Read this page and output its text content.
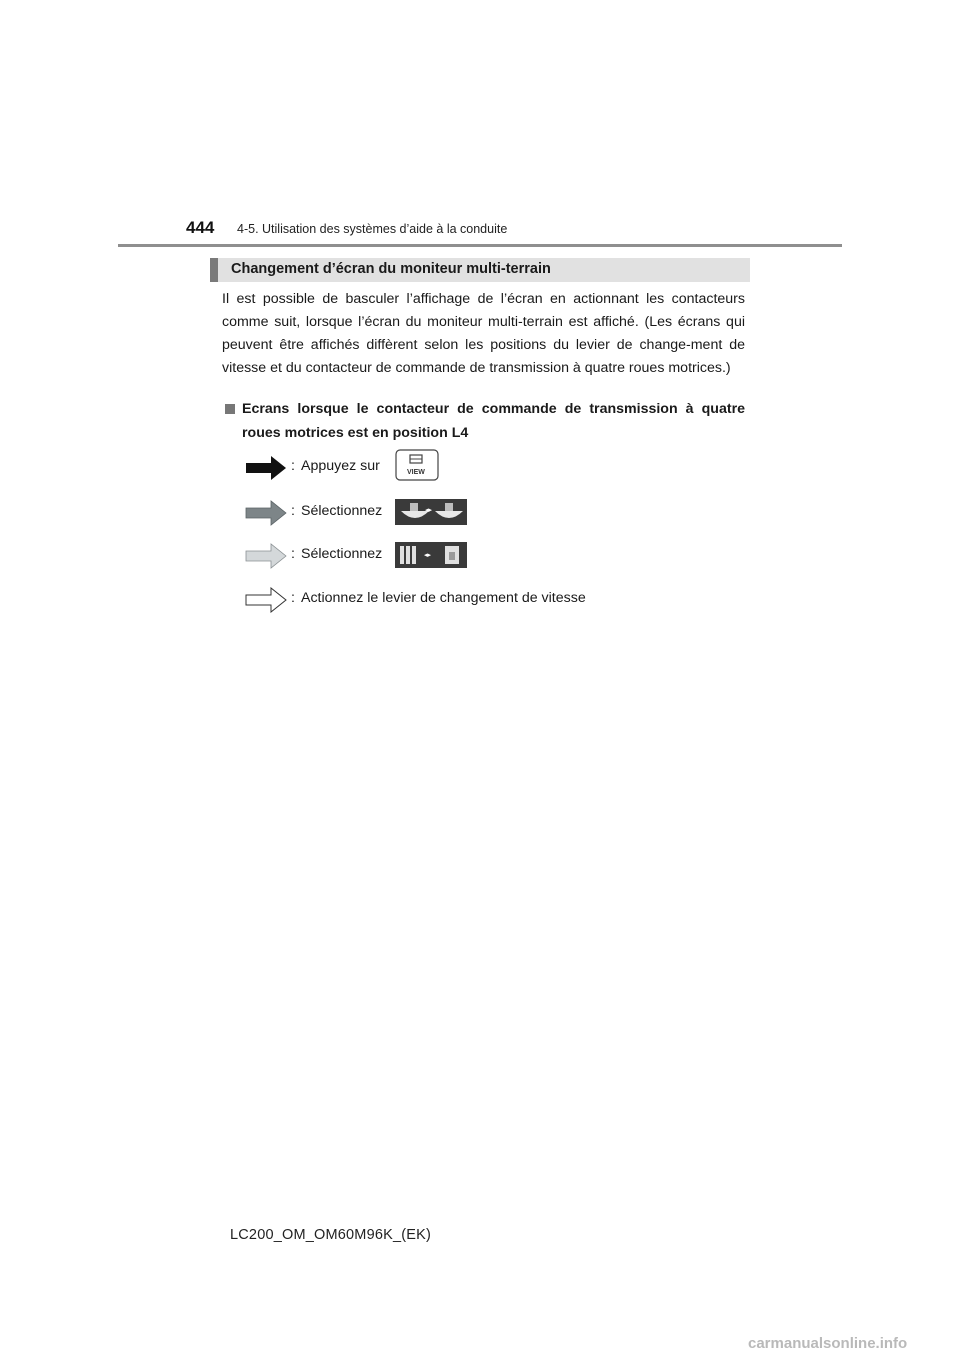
444 4-5. Utilisation des systèmes d’aide à la conduite
Changement d’écran du moniteur multi-terrain
Il est possible de basculer l’affichage de l’écran en actionnant les contacteurs comme suit, lorsque l’écran du moniteur multi-terrain est affiché. (Les écrans qui peuvent être affichés diffèrent selon les positions du levier de change-ment de vitesse et du contacteur de commande de transmission à quatre roues motrices.)
Ecrans lorsque le contacteur de commande de transmission à quatre roues motrices est en position L4
: Appuyez sur	VIEW
: Sélectionnez	◂▸
: Sélectionnez	◂▸
: Actionnez le levier de changement de vitesse
LC200_OM_OM60M96K_(EK)
carmanualsonline.info
